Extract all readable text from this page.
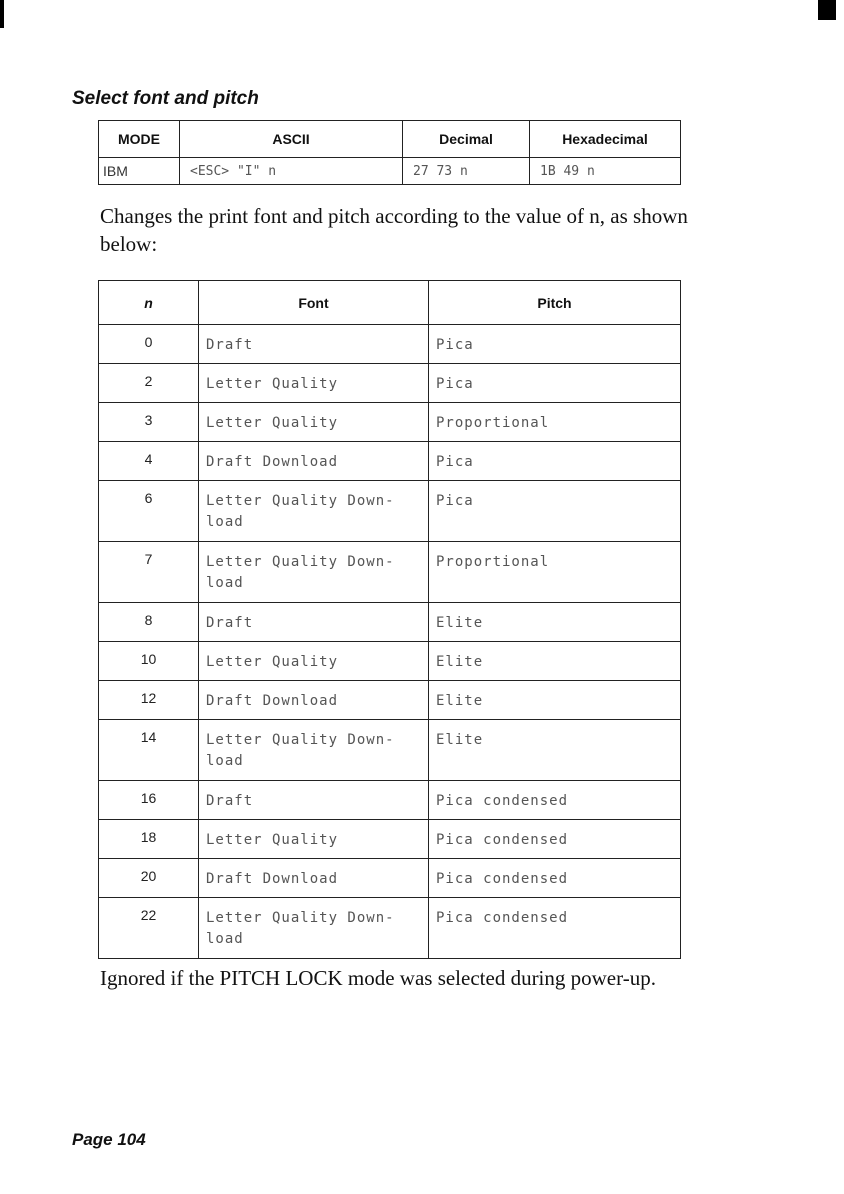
Select font and pitch
MODE	ASCII	Decimal	Hexadecimal
IBM	<ESC> "I" n	27 73 n	1B 49 n

Changes the print font and pitch according to the value of n, as shown below:

n	Font	Pitch
0	Draft	Pica
2	Letter Quality	Pica
3	Letter Quality	Proportional
4	Draft Download	Pica
6	Letter Quality Down- load	Pica
7	Letter Quality Down- load	Proportional
8	Draft	Elite
10	Letter Quality	Elite
12	Draft Download	Elite
14	Letter Quality Down- load	Elite
16	Draft	Pica condensed
18	Letter Quality	Pica condensed
20	Draft Download	Pica condensed
22	Letter Quality Down- load	Pica condensed

Ignored if the PITCH LOCK mode was selected during power-up.

Page 104
